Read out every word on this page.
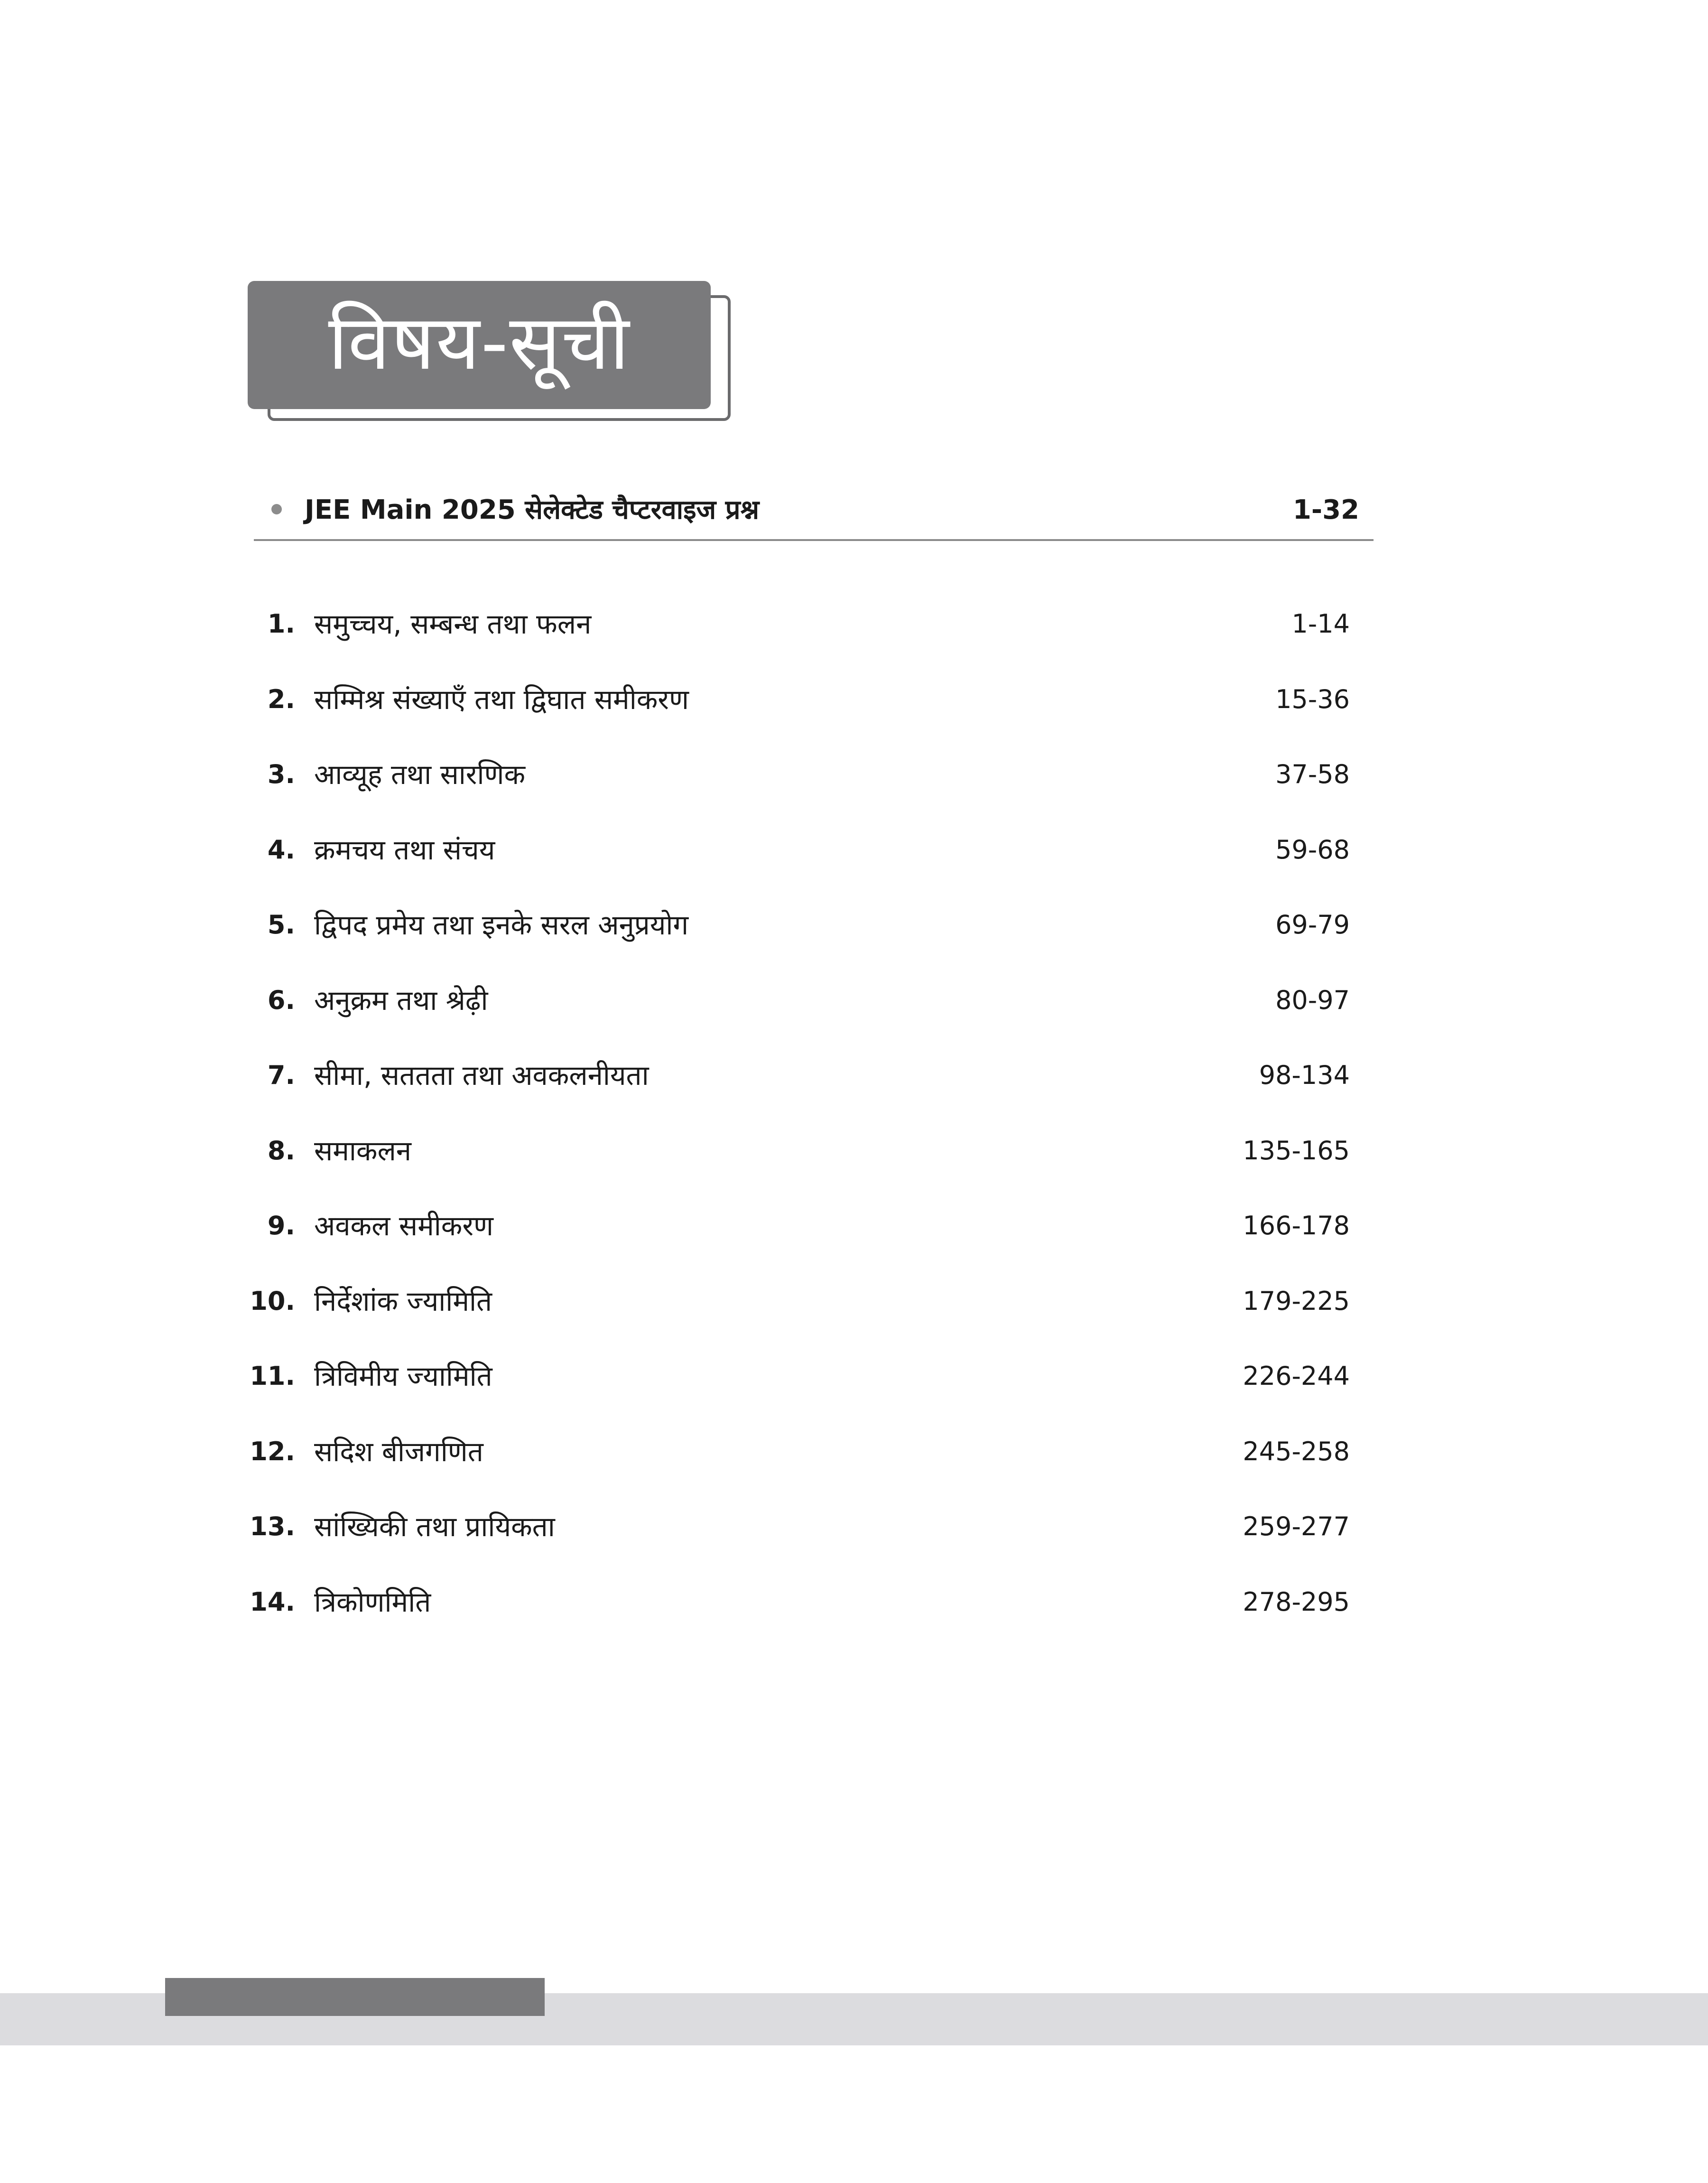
विषय-सूची
JEE Main 2025 सेलेक्टेड चैप्टरवाइज प्रश्न	1-32
1. समुच्चय, सम्बन्ध तथा फलन	1-14
2. सम्मिश्र संख्याएँ तथा द्विघात समीकरण	15-36
3. आव्यूह तथा सारणिक	37-58
4. क्रमचय तथा संचय	59-68
5. द्विपद प्रमेय तथा इनके सरल अनुप्रयोग	69-79
6. अनुक्रम तथा श्रेढ़ी	80-97
7. सीमा, सततता तथा अवकलनीयता	98-134
8. समाकलन	135-165
9. अवकल समीकरण	166-178
10. निर्देशांक ज्यामिति	179-225
11. त्रिविमीय ज्यामिति	226-244
12. सदिश बीजगणित	245-258
13. सांख्यिकी तथा प्रायिकता	259-277
14. त्रिकोणमिति	278-295
